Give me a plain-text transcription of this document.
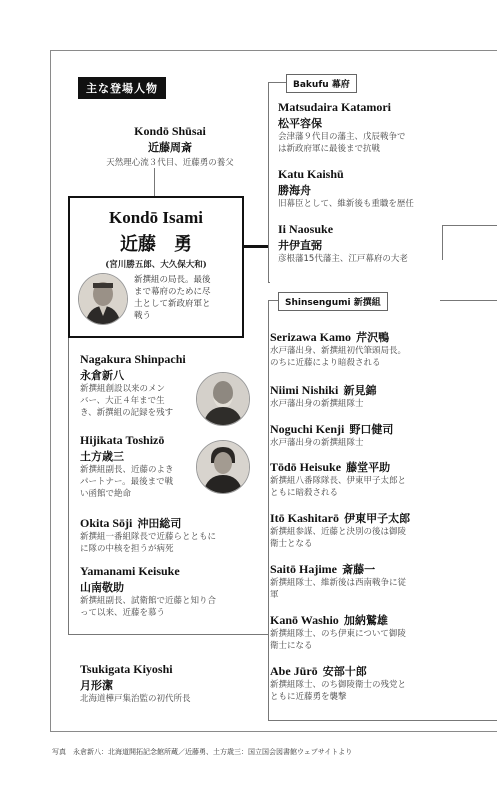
主な登場人物
Kondō Shūsai
近藤周斎
天然理心流３代目、近藤勇の養父
Kondō Isami
近藤　勇
(宮川勝五郎、大久保大和)
新撰組の局長。最後
まで幕府のために尽
土として新政府軍と
戦う
Bakufu 幕府
Matsudaira Katamori
松平容保
会津藩９代目の藩主、戊辰戦争で
は新政府軍に最後まで抗戦
Katu Kaishū
勝海舟
旧幕臣として、維新後も重職を歴任
Ii Naosuke
井伊直弼
彦根藩15代藩主、江戸幕府の大老
Shinsengumi 新撰組
Serizawa Kamo 芹沢鴨
水戸藩出身、新撰組初代筆頭局長。
のちに近藤により暗殺される
Niimi Nishiki 新見錦
水戸藩出身の新撰組隊士
Noguchi Kenji 野口健司
水戸藩出身の新撰組隊士
Tōdō Heisuke 藤堂平助
新撰組八番隊隊長、伊東甲子太郎と
ともに暗殺される
Itō Kashitarō 伊東甲子太郎
新撰組参謀、近藤と決別の後は御陵
衛士となる
Saitō Hajime 斎藤一
新撰組隊士、維新後は西南戦争に従
軍
Kanō Washio 加納鷲雄
新撰組隊士、のち伊東について御陵
衛士になる
Abe Jūrō 安部十郎
新撰組隊士、のち御陵衛士の残党と
ともに近藤勇を襲撃
Nagakura Shinpachi
永倉新八
新撰組創設以来のメン
バー、大正４年まで生
き、新撰組の記録を残す
Hijikata Toshizō
土方歳三
新撰組副長、近藤のよき
パートナー。最後まで戦
い函館で絶命
Okita Sōji 沖田総司
新撰組一番組隊長で近藤らとともに
に隊の中核を担うが病死
Yamanami Keisuke
山南敬助
新撰組副長、試衛館で近藤と知り合
って以来、近藤を慕う
Tsukigata Kiyoshi
月形潔
北海道樺戸集治監の初代所長
写真　永倉新八：北海道開拓記念館所蔵／近藤勇、土方歳三：国立国会図書館ウェブサイトより
